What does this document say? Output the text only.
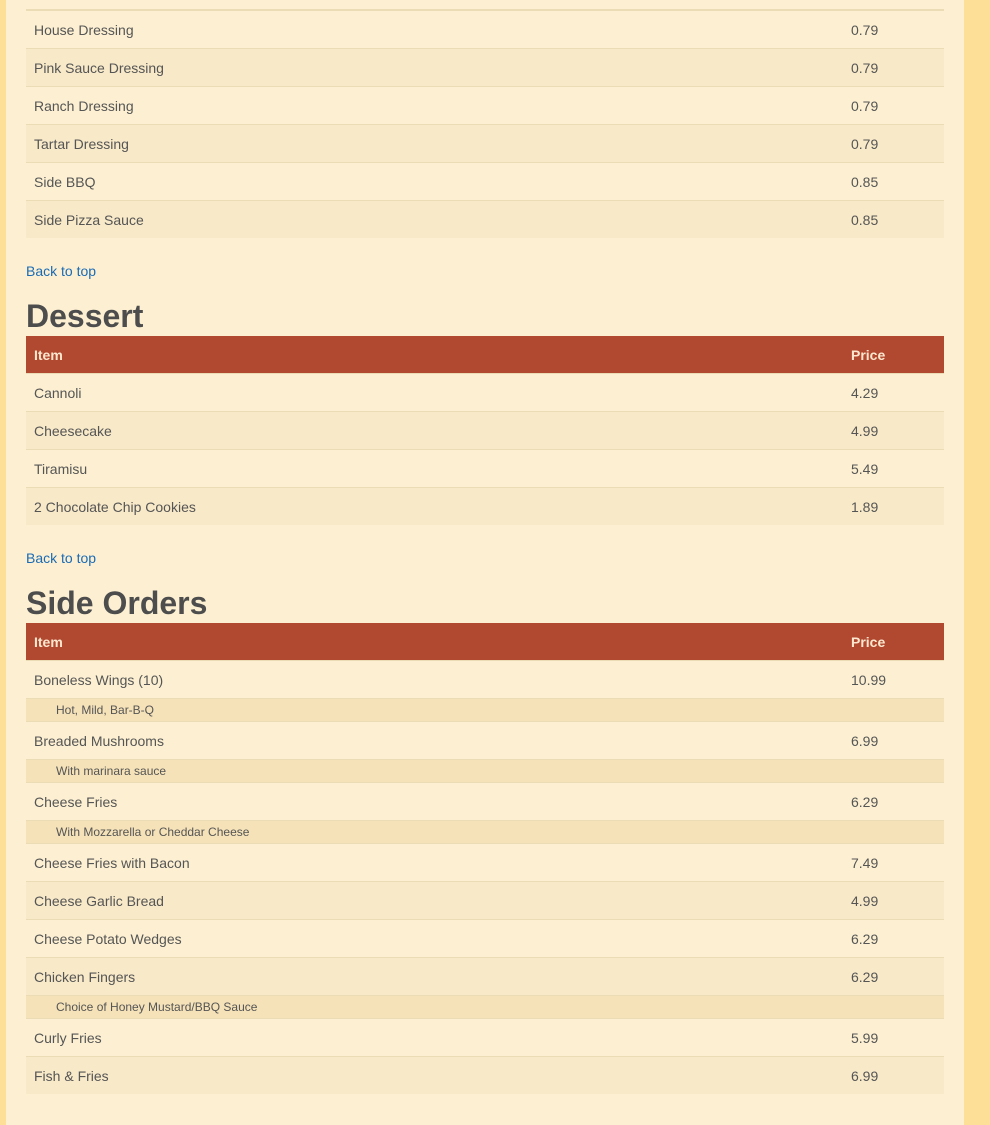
House Dressing	0.79
Pink Sauce Dressing	0.79
Ranch Dressing	0.79
Tartar Dressing	0.79
Side BBQ	0.85
Side Pizza Sauce	0.85
Back to top
Dessert
Item	Price
Cannoli	4.29
Cheesecake	4.99
Tiramisu	5.49
2 Chocolate Chip Cookies	1.89
Back to top
Side Orders
Item	Price
Boneless Wings (10)	10.99
Hot, Mild, Bar-B-Q	
Breaded Mushrooms	6.99
With marinara sauce	
Cheese Fries	6.29
With Mozzarella or Cheddar Cheese	
Cheese Fries with Bacon	7.49
Cheese Garlic Bread	4.99
Cheese Potato Wedges	6.29
Chicken Fingers	6.29
Choice of Honey Mustard/BBQ Sauce	
Curly Fries	5.99
Fish & Fries	6.99
